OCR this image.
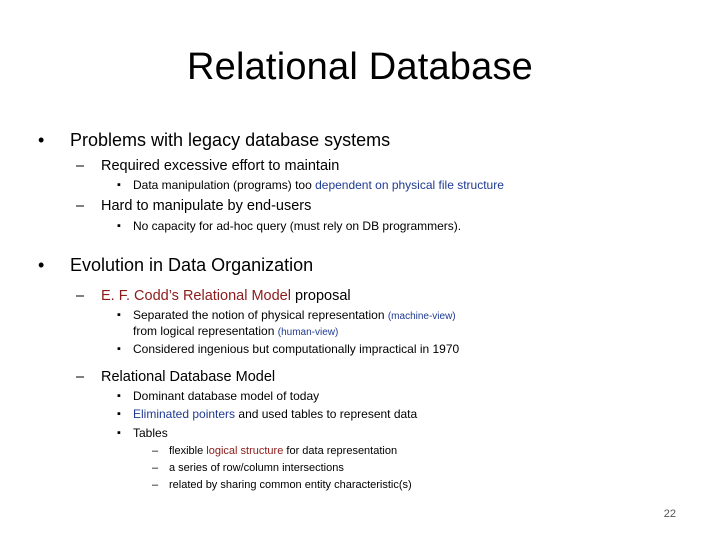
Relational Database
• Problems with legacy database systems
– Required excessive effort to maintain
▪ Data manipulation (programs) too dependent on physical file structure
– Hard to manipulate by end-users
▪ No capacity for ad-hoc query (must rely on DB programmers).
• Evolution in Data Organization
– E. F. Codd’s Relational Model proposal
▪ Separated the notion of physical representation (machine-view)
from logical representation (human-view)
▪ Considered ingenious but computationally impractical in 1970
– Relational Database Model
▪ Dominant database model of today
▪ Eliminated pointers and used tables to represent data
▪ Tables
– flexible logical structure for data representation
– a series of row/column intersections
– related by sharing common entity characteristic(s)
22
